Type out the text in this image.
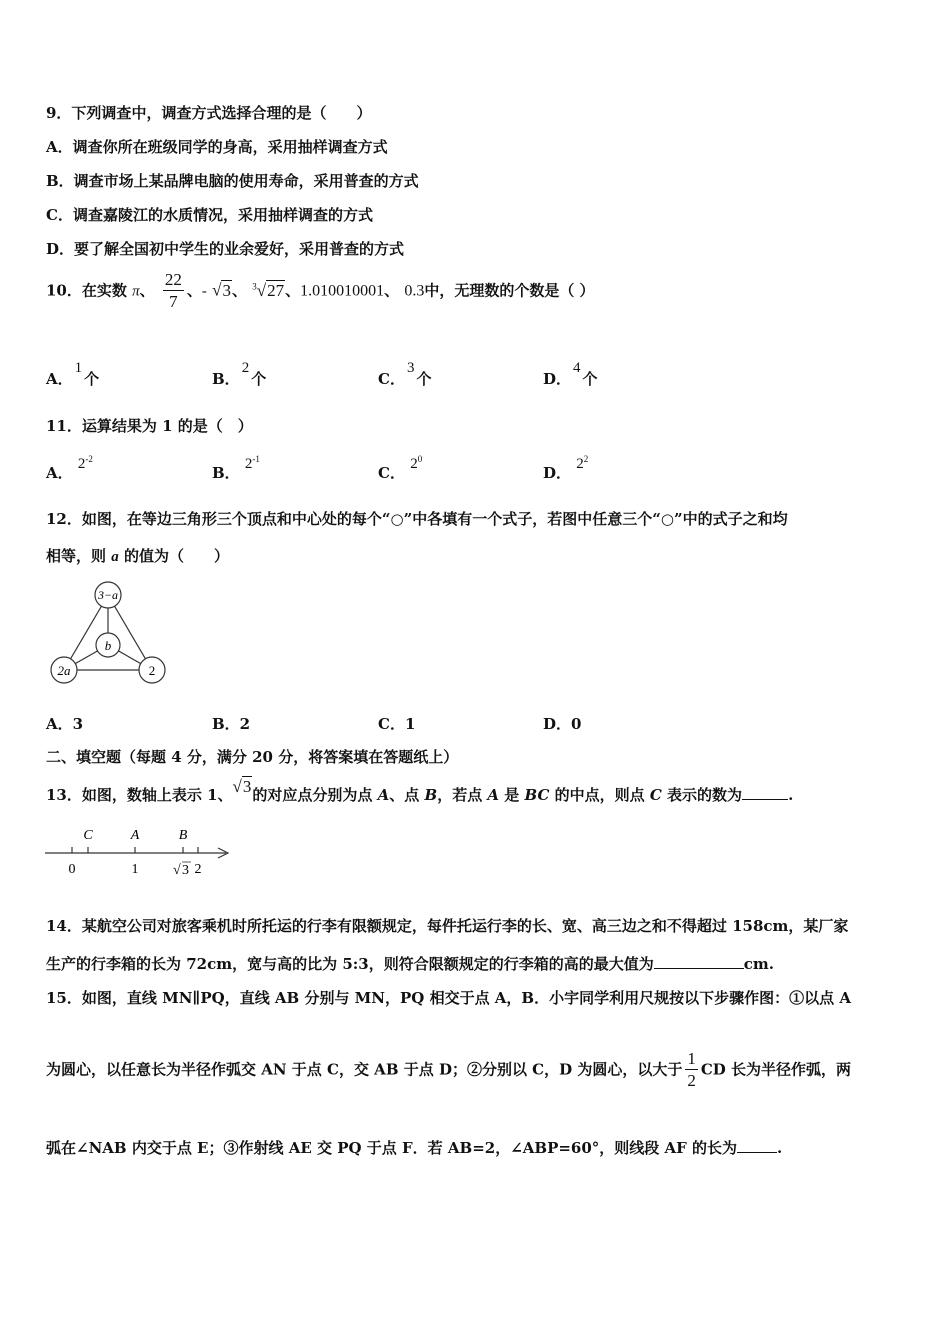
9．下列调查中，调查方式选择合理的是（　　）
A．调查你所在班级同学的身高，采用抽样调查方式
B．调查市场上某品牌电脑的使用寿命，采用普查的方式
C．调查嘉陵江的水质情况，采用抽样调查的方式
D．要了解全国初中学生的业余爱好，采用普查的方式
10．在实数 π、 $\frac{22}{7}$ 、- √3、 $^3$√27、1.010010001、 0.3中，无理数的个数是（ ）
A．1个	B．2个	C．3个	D．4个
11．运算结果为 1 的是（　）
A． $2^{-2}$
B． $2^{-1}$
C． $2^0$
D． $2^2$
12．如图，在等边三角形三个顶点和中心处的每个“○”中各填有一个式子，若图中任意三个“○”中的式子之和均
相等，则 a 的值为（　　）
3−a
b
2a	2
A．3	B．2	C．1	D．0
二、填空题（每题 4 分，满分 20 分，将答案填在答题纸上）
13．如图，数轴上表示 1、√3的对应点分别为点 A、点 B，若点 A 是 BC 的中点，则点 C 表示的数为	.
C	A	B
0	1 √ 3 2
14．某航空公司对旅客乘机时所托运的行李有限额规定，每件托运行李的长、宽、高三边之和不得超过 158cm，某厂家
生产的行李箱的长为 72cm，宽与高的比为 5:3，则符合限额规定的行李箱的高的最大值为	cm.
15．如图，直线 MN∥PQ，直线 AB 分别与 MN，PQ 相交于点 A，B．小宇同学利用尺规按以下步骤作图：①以点 A
为圆心，以任意长为半径作弧交 AN 于点 C，交 AB 于点 D；②分别以 C，D 为圆心，以大于 $\frac{1}{2}$ CD 长为半径作弧，两
弧在∠NAB 内交于点 E；③作射线 AE 交 PQ 于点 F．若 AB=2，∠ABP=60°，则线段 AF 的长为	.
